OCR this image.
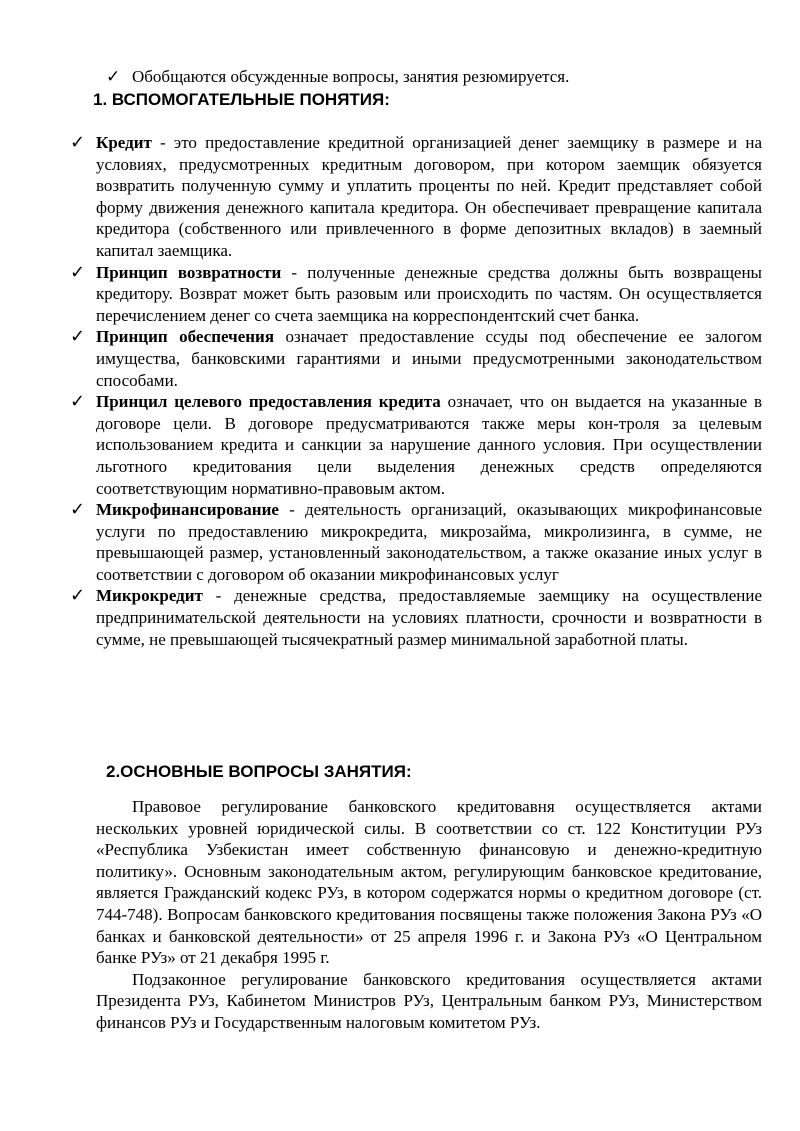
✓ Обобщаются обсужденные вопросы, занятия резюмируется.
1. ВСПОМОГАТЕЛЬНЫЕ ПОНЯТИЯ:
✓ Кредит - это предоставление кредитной организацией денег заемщику в размере и на условиях, предусмотренных кредитным договором, при котором заемщик обязуется возвратить полученную сумму и уплатить проценты по ней. Кредит представляет собой форму движения денежного капитала кредитора. Он обеспечивает превращение капитала кредитора (собственного или привлеченного в форме депозитных вкладов) в заемный капитал заемщика.
✓ Принцип возвратности - полученные денежные средства должны быть возвращены кредитору. Возврат может быть разовым или происходить по частям. Он осуществляется перечислением денег со счета заемщика на корреспондентский счет банка.
✓ Принцип обеспечения означает предоставление ссуды под обеспечение ее залогом имущества, банковскими гарантиями и иными предусмотренными законодательством способами.
✓ Принцил целевого предоставления кредита означает, что он выдается на указанные в договоре цели. В договоре предусматриваются также меры кон-троля за целевым использованием кредита и санкции за нарушение данного условия. При осуществлении льготного кредитования цели выделения денежных средств определяются соответствующим нормативно-правовым актом.
✓ Микрофинансирование - деятельность организаций, оказывающих микрофинансовые услуги по предоставлению микрокредита, микрозайма, микролизинга, в сумме, не превышающей размер, установленный законодательством, а также оказание иных услуг в соответствии с договором об оказании микрофинансовых услуг
✓ Микрокредит - денежные средства, предоставляемые заемщику на осуществление предпринимательской деятельности на условиях платности, срочности и возвратности в сумме, не превышающей тысячекратный размер минимальной заработной платы.
2.ОСНОВНЫЕ ВОПРОСЫ ЗАНЯТИЯ:

Правовое регулирование банковского кредитовавня осуществляется актами нескольких уровней юридической силы. В соответствии со ст. 122 Конституции РУз «Республика Узбекистан имеет собственную финансовую и денежно-кредитную политику». Основным законодательным актом, регулирующим банковское кредитование, является Гражданский кодекс РУз, в котором содержатся нормы о кредитном договоре (ст. 744-748). Вопросам банковского кредитования посвящены также положения Закона РУз «О банках и банковской деятельности» от 25 апреля 1996 г. и Закона РУз «О Центральном банке РУз» от 21 декабря 1995 г.

Подзаконное регулирование банковского кредитования осуществляется актами Президента РУз, Кабинетом Министров РУз, Центральным банком РУз, Министерством финансов РУз и Государственным налоговым комитетом РУз.
